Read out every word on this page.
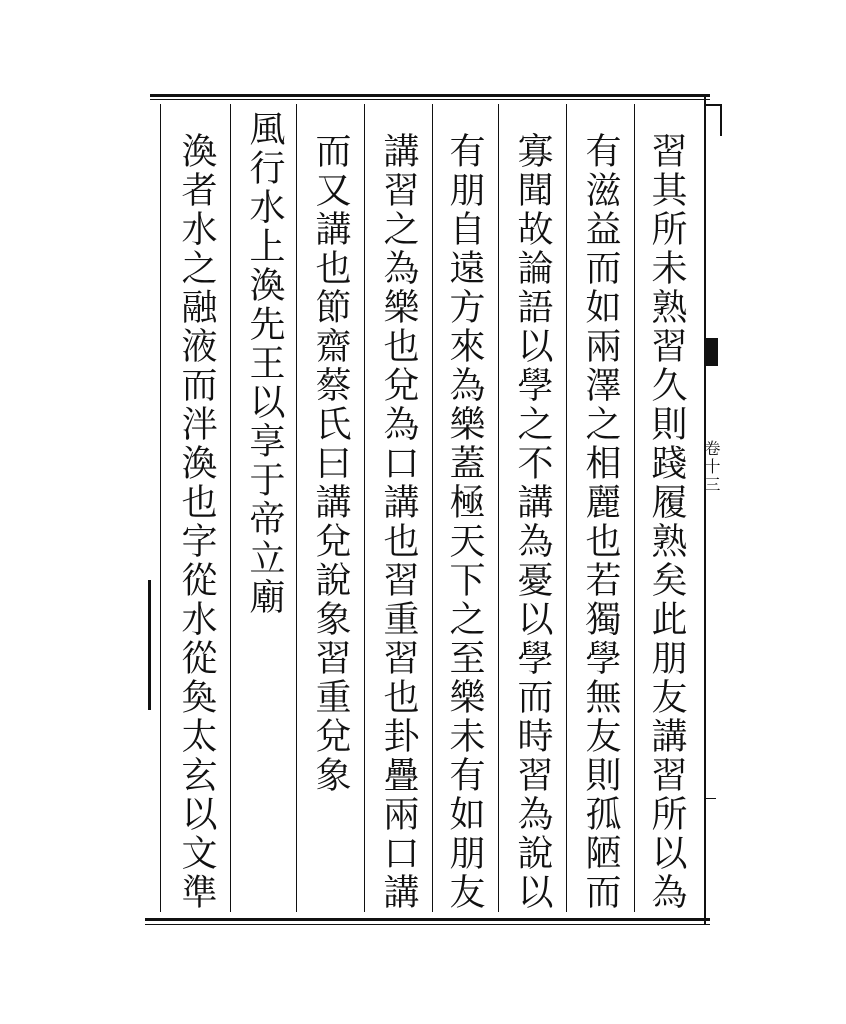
卷十三
習其所未熟習久則踐履熟矣此朋友講習所以為
有滋益而如兩澤之相麗也若獨學無友則孤陋而
寡聞故論語以學之不講為憂以學而時習為說以
有朋自遠方來為樂蓋極天下之至樂未有如朋友
講習之為樂也兌為口講也習重習也卦疊兩口講
而又講也節齋蔡氏曰講兌說象習重兌象
風行水上渙先王以享于帝立廟
渙者水之融液而泮渙也字從水從奐太玄以文準
